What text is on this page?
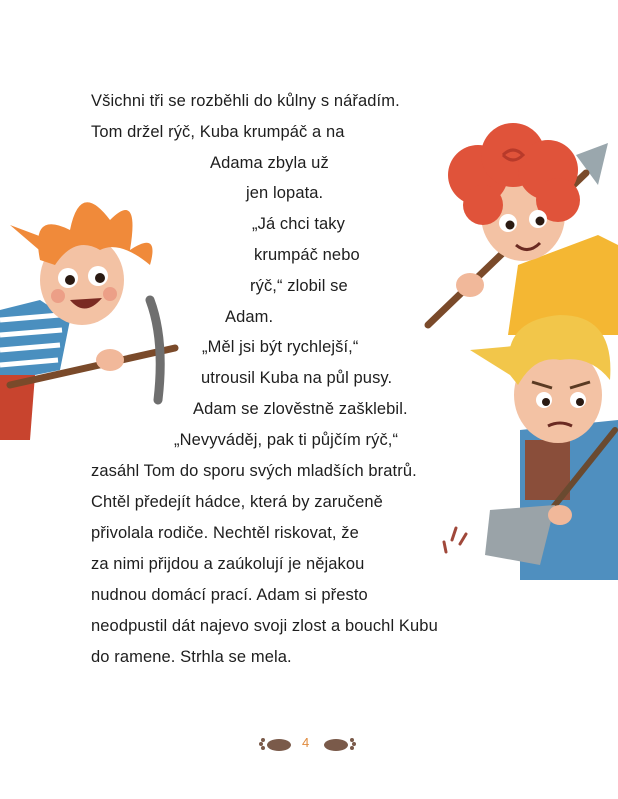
Všichni tři se rozběhli do kůlny s nářadím.
Tom držel rýč, Kuba krumpáč a na
Adama zbyla už
jen lopata.
„Já chci taky
krumpáč nebo
rýč,“ zlobil se
Adam.
„Měl jsi být rychlejší,“
utrousil Kuba na půl pusy.
Adam se zlověstně zašklebil.
„Nevyváděj, pak ti půjčím rýč,“
zasáhl Tom do sporu svých mladších bratrů.
Chtěl předejít hádce, která by zaručeně
přivolala rodiče. Nechtěl riskovat, že
za nimi přijdou a zaúkolují je nějakou
nudnou domácí prací. Adam si přesto
neodpustil dát najevo svoji zlost a bouchl Kubu
do ramene. Strhla se mela.
4
